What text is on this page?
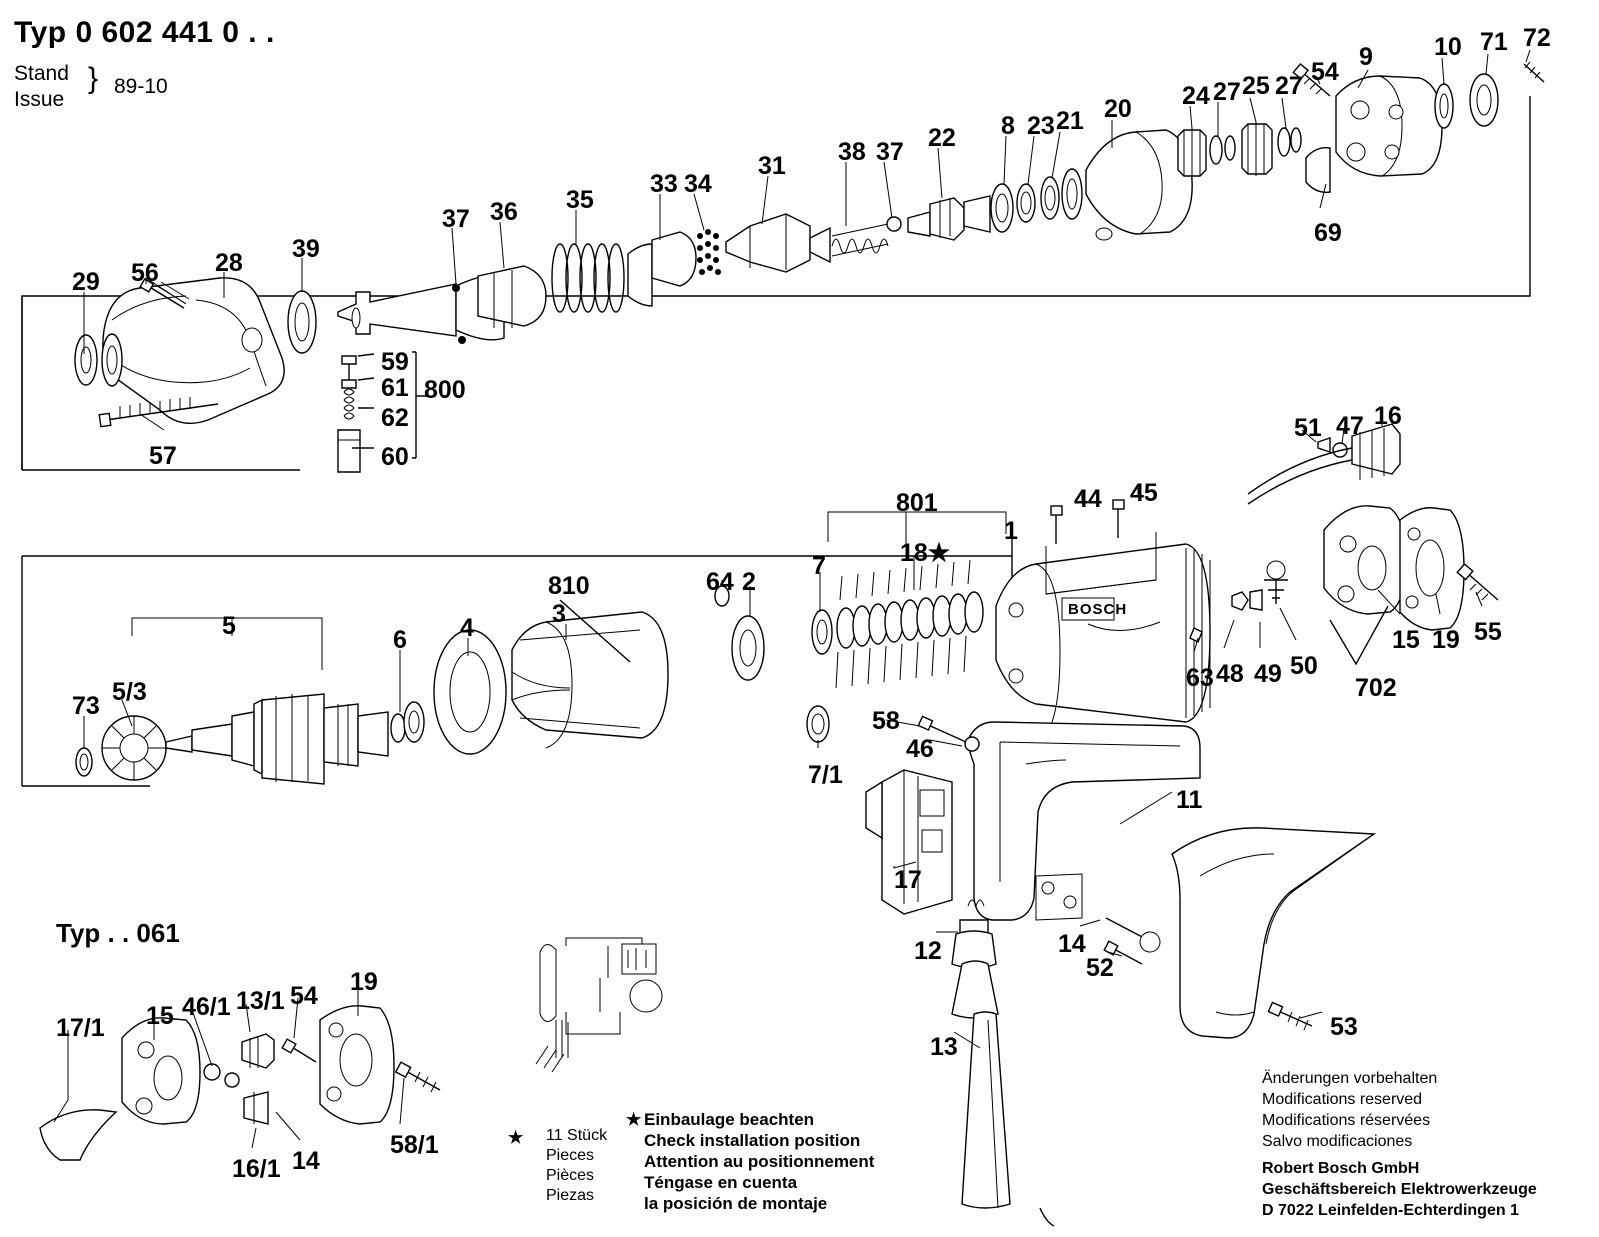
Typ 0 602 441 0 . .
Stand
Issue
} 89-10
Typ . . 061
29 56 28 39
37 36 35
33 34
31 38 37 22 8 23 21 20 24 27 25 27 54
9 10 71 72
69
57
59
61
62
60
800
73
5
5/3
6 4
810
3
64 2
7
801
18★
1
44 45
7/1
63 48 49 50
51 47 16
15 19 55
702
58
46
17
12
13
11
14
52
53
17/1 15 46/1 13/1 54 19
16/1 14
58/1
BOSCH
★ 11 Stück
Pieces
Pièces
Piezas
★ Einbaulage beachten
Check installation position
Attention au positionnement
Téngase en cuenta
la posición de montaje
Änderungen vorbehalten
Modifications reserved
Modifications réservées
Salvo modificaciones
Robert Bosch GmbH
Geschäftsbereich Elektrowerkzeuge
D 7022 Leinfelden-Echterdingen 1
